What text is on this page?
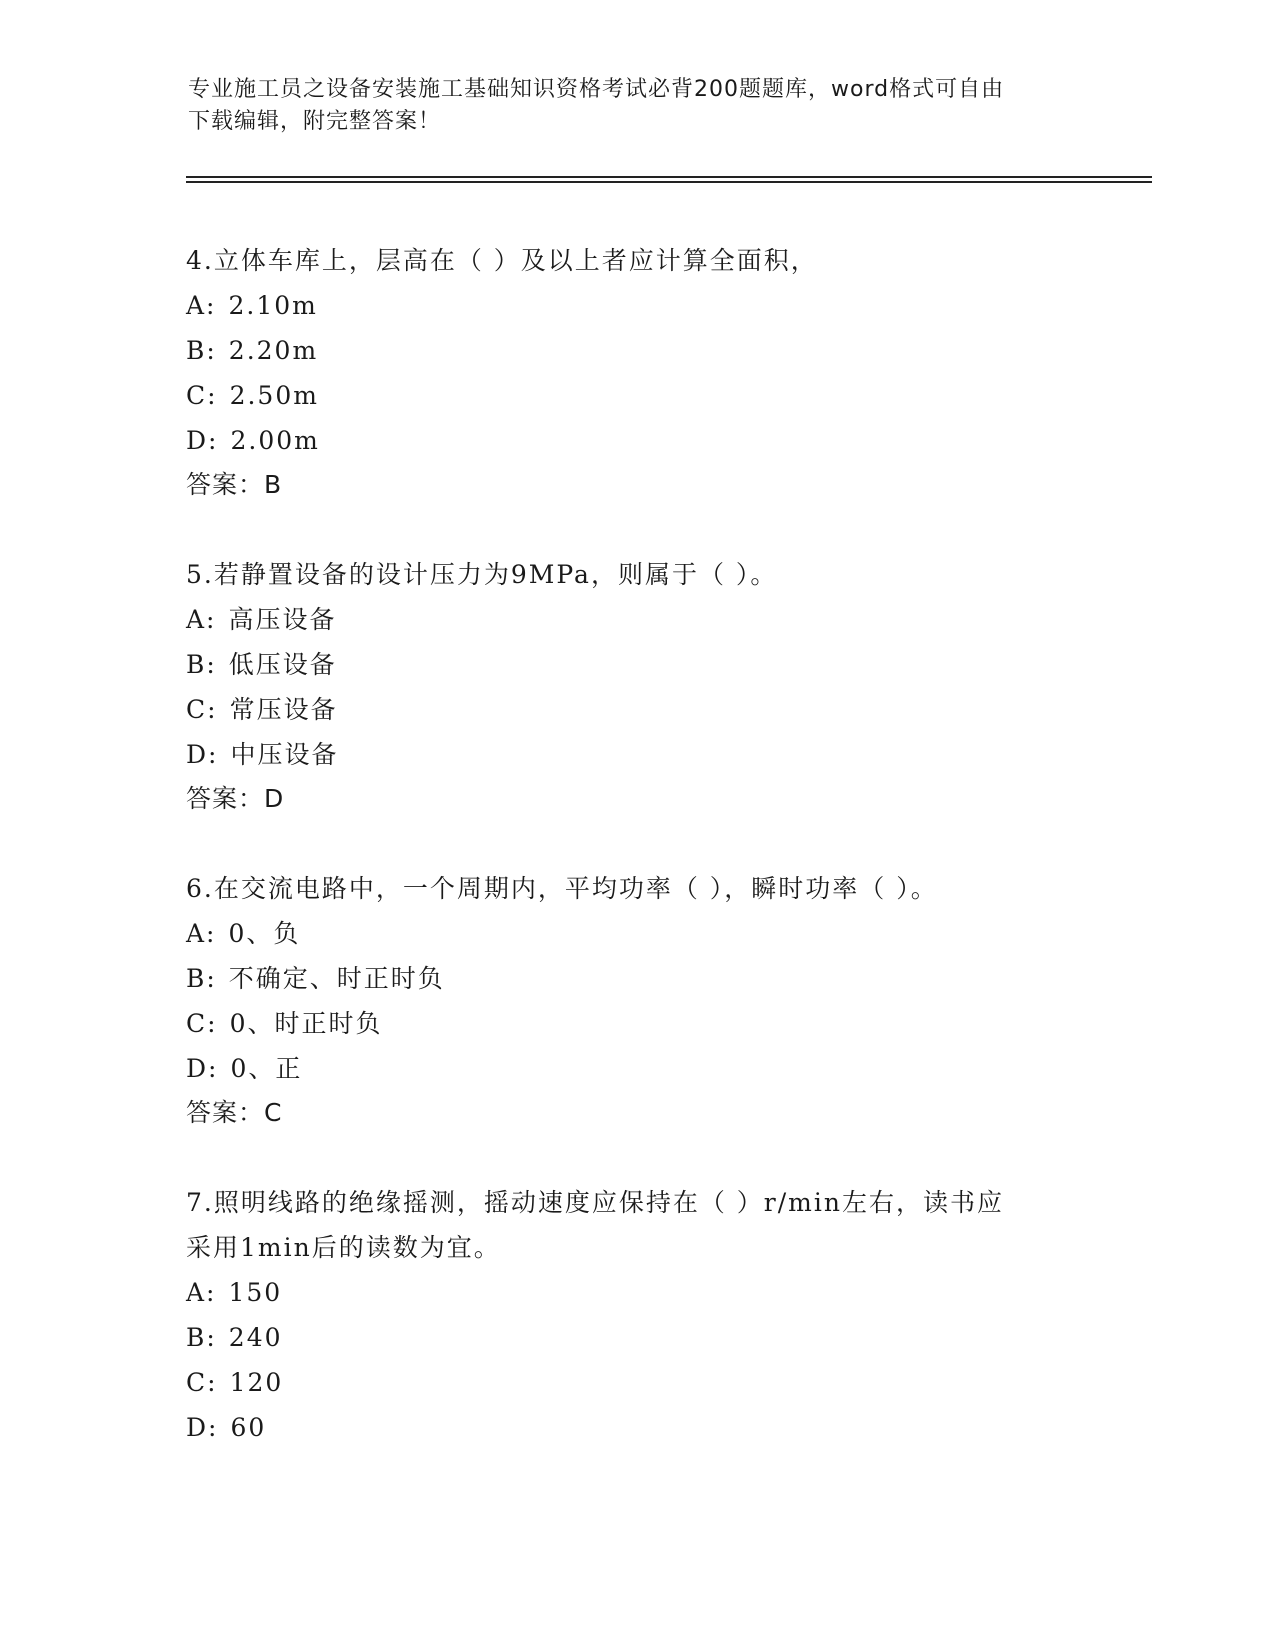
专业施工员之设备安装施工基础知识资格考试必背200题题库，word格式可自由
下载编辑，附完整答案！
4.立体车库上，层高在（ ）及以上者应计算全面积，
A: 2.10m
B: 2.20m
C: 2.50m
D: 2.00m
答案：B
5.若静置设备的设计压力为9MPa，则属于（ ）。
A: 高压设备
B: 低压设备
C: 常压设备
D: 中压设备
答案：D
6.在交流电路中，一个周期内，平均功率（ ），瞬时功率（ ）。
A: 0、负
B: 不确定、时正时负
C: 0、时正时负
D: 0、正
答案：C
7.照明线路的绝缘摇测，摇动速度应保持在（ ）r/min左右，读书应
采用1min后的读数为宜。
A: 150
B: 240
C: 120
D: 60
